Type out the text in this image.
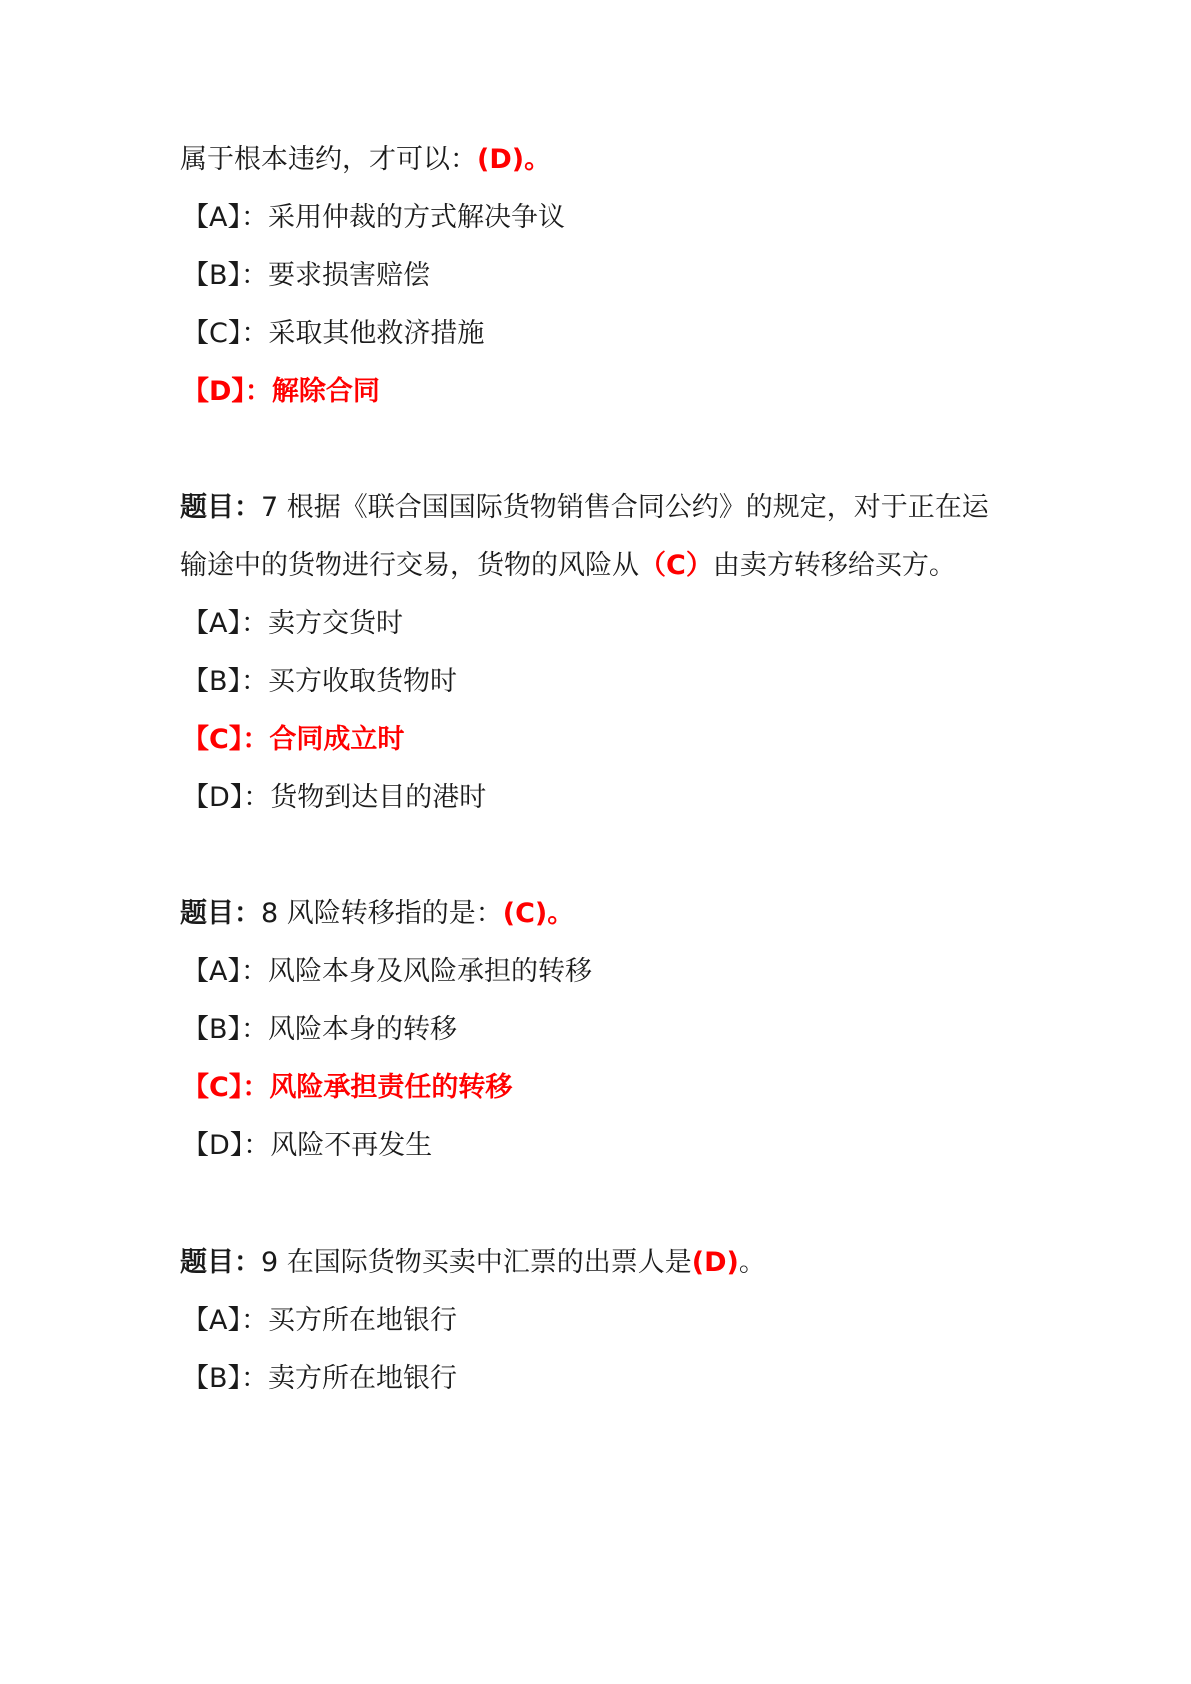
属于根本违约，才可以：(D)。
【A】：采用仲裁的方式解决争议
【B】：要求损害赔偿
【C】：采取其他救济措施
【D】：解除合同
题目：7 根据《联合国国际货物销售合同公约》的规定，对于正在运
输途中的货物进行交易，货物的风险从（C）由卖方转移给买方。
【A】：卖方交货时
【B】：买方收取货物时
【C】：合同成立时
【D】：货物到达目的港时
题目：8 风险转移指的是：(C)。
【A】：风险本身及风险承担的转移
【B】：风险本身的转移
【C】：风险承担责任的转移
【D】：风险不再发生
题目：9 在国际货物买卖中汇票的出票人是(D)。
【A】：买方所在地银行
【B】：卖方所在地银行
